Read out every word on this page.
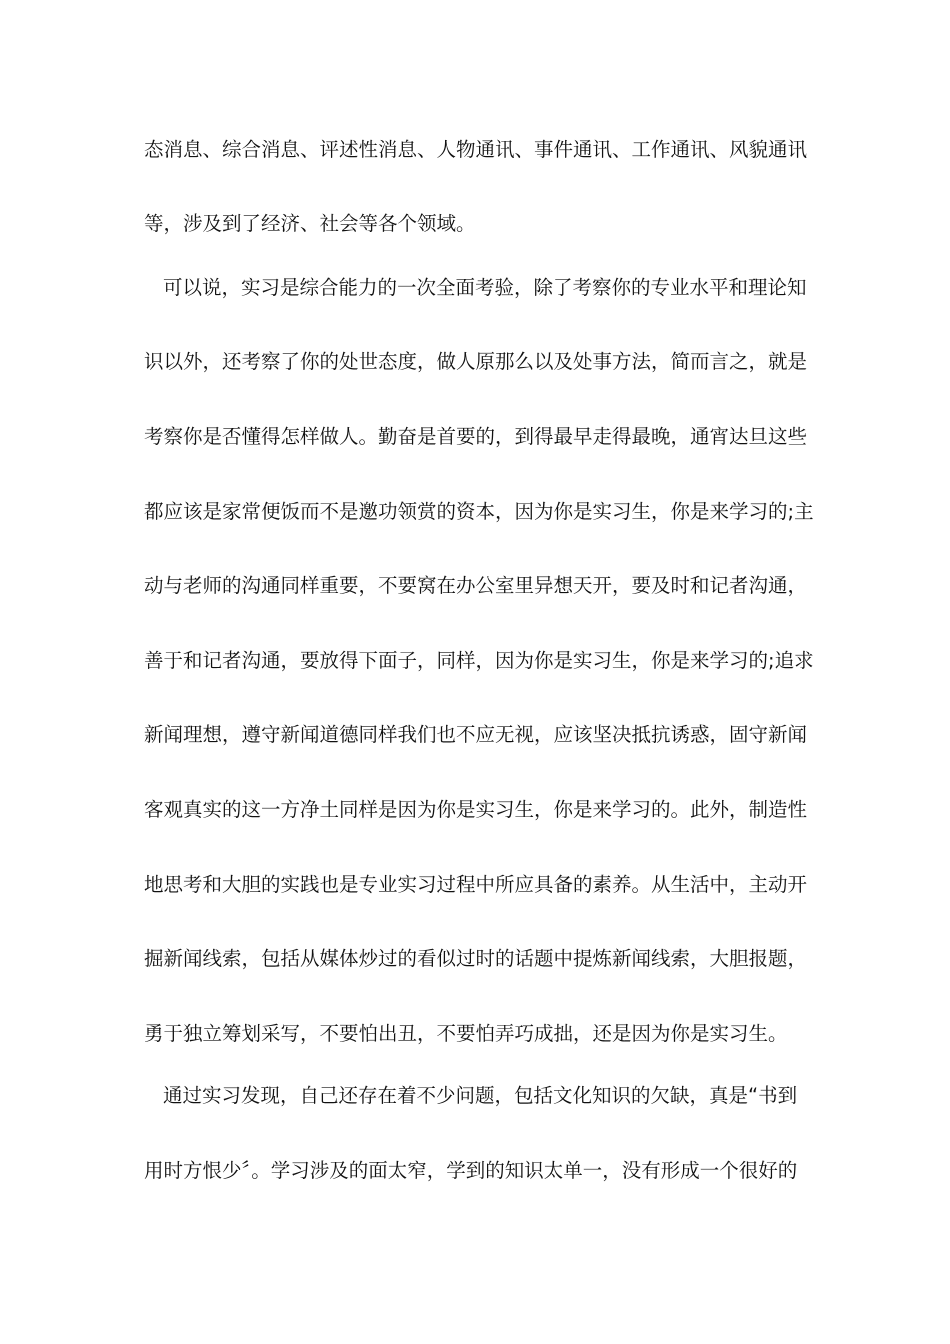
态消息、综合消息、评述性消息、人物通讯、事件通讯、工作通讯、风貌通讯
等，涉及到了经济、社会等各个领域。
可以说，实习是综合能力的一次全面考验，除了考察你的专业水平和理论知
识以外，还考察了你的处世态度，做人原那么以及处事方法，简而言之，就是
考察你是否懂得怎样做人。勤奋是首要的，到得最早走得最晚，通宵达旦这些
都应该是家常便饭而不是邀功领赏的资本，因为你是实习生，你是来学习的;主
动与老师的沟通同样重要，不要窝在办公室里异想天开，要及时和记者沟通，
善于和记者沟通，要放得下面子，同样，因为你是实习生，你是来学习的;追求
新闻理想，遵守新闻道德同样我们也不应无视，应该坚决抵抗诱惑，固守新闻
客观真实的这一方净土同样是因为你是实习生，你是来学习的。此外，制造性
地思考和大胆的实践也是专业实习过程中所应具备的素养。从生活中，主动开
掘新闻线索，包括从媒体炒过的看似过时的话题中提炼新闻线索，大胆报题，
勇于独立筹划采写，不要怕出丑，不要怕弄巧成拙，还是因为你是实习生。
通过实习发现，自己还存在着不少问题，包括文化知识的欠缺，真是“书到
用时方恨少〞。学习涉及的面太窄，学到的知识太单一，没有形成一个很好的
